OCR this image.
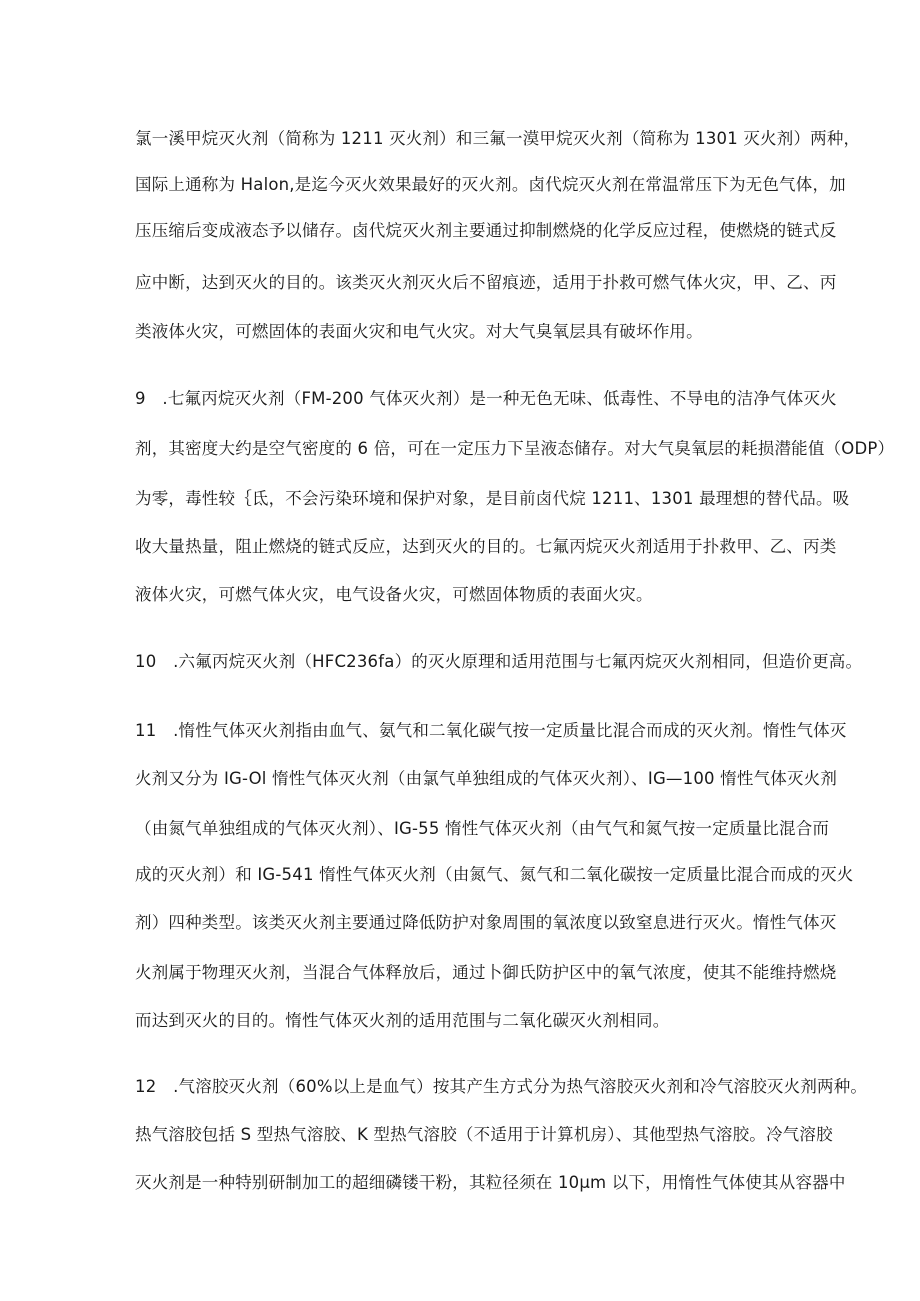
氯一溪甲烷灭火剂（简称为 1211 灭火剂）和三氟一漠甲烷灭火剂（简称为 1301 灭火剂）两种，
国际上通称为 Halon,是迄今灭火效果最好的灭火剂。卤代烷灭火剂在常温常压下为无色气体，加
压压缩后变成液态予以储存。卤代烷灭火剂主要通过抑制燃烧的化学反应过程，使燃烧的链式反
应中断，达到灭火的目的。该类灭火剂灭火后不留痕迹，适用于扑救可燃气体火灾，甲、乙、丙
类液体火灾，可燃固体的表面火灾和电气火灾。对大气臭氧层具有破坏作用。
9　.七氟丙烷灭火剂（FM-200 气体灭火剂）是一种无色无味、低毒性、不导电的洁净气体灭火
剂，其密度大约是空气密度的 6 倍，可在一定压力下呈液态储存。对大气臭氧层的耗损潜能值（ODP）
为零，毒性较｛氐，不会污染环境和保护对象，是目前卤代烷 1211、1301 最理想的替代品。吸
收大量热量，阻止燃烧的链式反应，达到灭火的目的。七氟丙烷灭火剂适用于扑救甲、乙、丙类
液体火灾，可燃气体火灾，电气设备火灾，可燃固体物质的表面火灾。
10　.六氟丙烷灭火剂（HFC236fa）的灭火原理和适用范围与七氟丙烷灭火剂相同，但造价更高。
11　.惰性气体灭火剂指由血气、氨气和二氧化碳气按一定质量比混合而成的灭火剂。惰性气体灭
火剂又分为 IG-Ol 惰性气体灭火剂（由氯气单独组成的气体灭火剂）、IG—100 惰性气体灭火剂
（由氮气单独组成的气体灭火剂）、IG-55 惰性气体灭火剂（由气气和氮气按一定质量比混合而
成的灭火剂）和 IG-541 惰性气体灭火剂（由氮气、氮气和二氧化碳按一定质量比混合而成的灭火
剂）四种类型。该类灭火剂主要通过降低防护对象周围的氧浓度以致窒息进行灭火。惰性气体灭
火剂属于物理灭火剂，当混合气体释放后，通过卜御氏防护区中的氧气浓度，使其不能维持燃烧
而达到灭火的目的。惰性气体灭火剂的适用范围与二氧化碳灭火剂相同。
12　.气溶胶灭火剂（60%以上是血气）按其产生方式分为热气溶胶灭火剂和冷气溶胶灭火剂两种。
热气溶胶包括 S 型热气溶胶、K 型热气溶胶（不适用于计算机房）、其他型热气溶胶。冷气溶胶
灭火剂是一种特别研制加工的超细磷镂干粉，其粒径须在 10μm 以下，用惰性气体使其从容器中
